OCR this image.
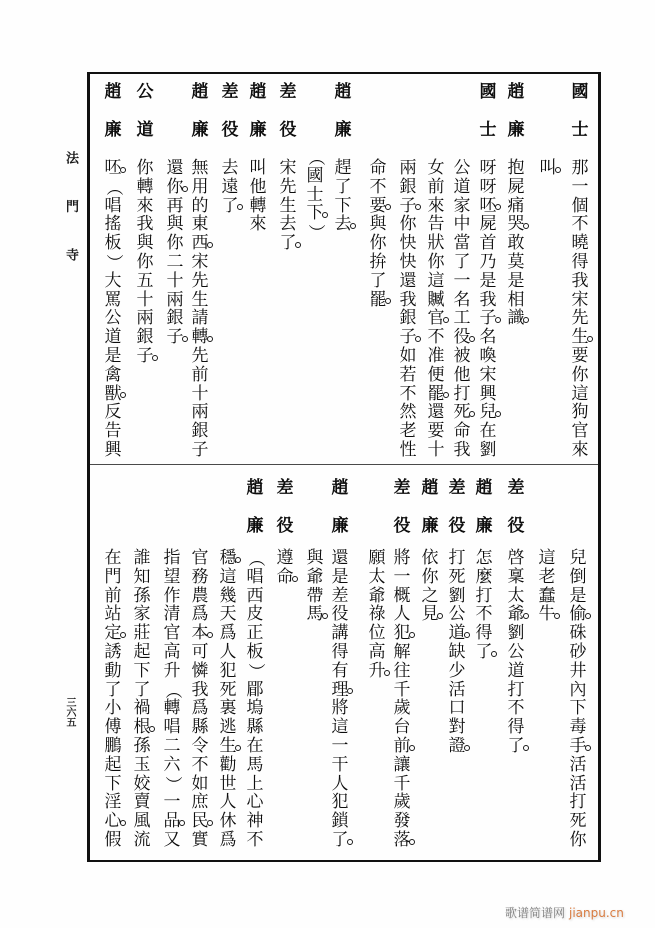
法門寺
三六五
國
士
那
一
個
不
曉
得
我
宋
先
生
要
你
這
狗
官
來
叫
趙
廉
抱
屍
痛
哭
敢
莫
是
相
識
國
士
呀
呀
呸
屍
首
乃
是
我
子
名
喚
宋
興
兒
在
劉
公
道
家
中
當
了
一
名
工
役
被
他
打
死
命
我
女
前
來
告
狀
你
這
贓
官
不
准
便
罷
還
要
十
兩
銀
子
你
快
快
還
我
銀
子
如
若
不
然
老
性
命
不
要
與
你
拚
了
罷
趙
廉
趕
了
下
去
（
國
士
下
）
差
役
宋
先
生
去
了
趙
廉
叫
他
轉
來
差
役
去
遠
了
趙
廉
無
用
的
東
西
宋
先
生
請
轉
先
前
十
兩
銀
子
還
你
再
與
你
二
十
兩
銀
子
公
道
你
轉
來
我
與
你
五
十
兩
銀
子
趙
廉
呸
（
唱
搖
板
）
大
罵
公
道
是
禽
獸
反
告
興
兒
倒
是
偷
硃
砂
井
內
下
毒
手
活
活
打
死
你
這
老
蠢
牛
差
役
啓
稟
太
爺
劉
公
道
打
不
得
了
趙
廉
怎
麼
打
不
得
了
差
役
打
死
劉
公
道
缺
少
活
口
對
證
趙
廉
依
你
之
見
差
役
將
一
概
人
犯
解
往
千
歲
台
前
讓
千
歲
發
落
願
太
爺
祿
位
高
升
趙
廉
還
是
差
役
講
得
有
理
將
這
一
干
人
犯
鎖
了
與
爺
帶
馬
差
役
遵
命
趙
廉
（
唱
西
皮
正
板
）
郿
塢
縣
在
馬
上
心
神
不
穩
這
幾
天
爲
人
犯
死
裏
逃
生
勸
世
人
休
爲
官
務
農
爲
本
可
憐
我
爲
縣
令
不
如
庶
民
實
指
望
作
清
官
高
升
（
轉
唱
二
六
）
一
品
又
誰
知
孫
家
莊
起
下
了
禍
根
孫
玉
姣
賣
風
流
在
門
前
站
定
誘
動
了
小
傅
鵬
起
下
淫
心
假
歌谱简谱网 jianpu.cn
